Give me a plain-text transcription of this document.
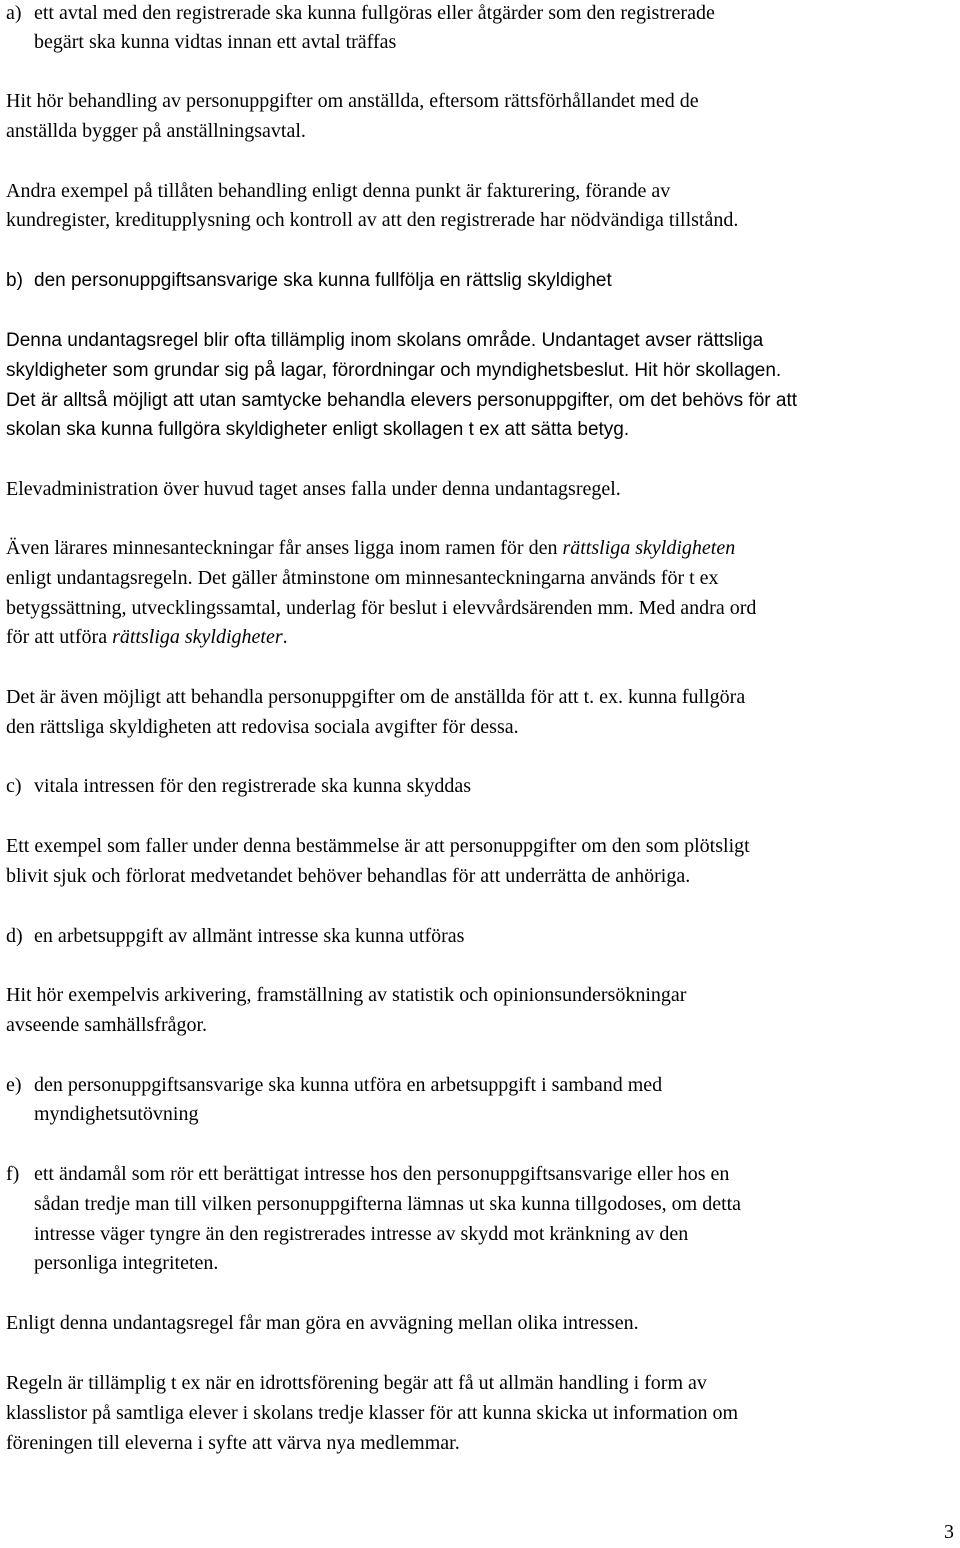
a) ett avtal med den registrerade ska kunna fullgöras eller åtgärder som den registrerade
begärt ska kunna vidtas innan ett avtal träffas
Hit hör behandling av personuppgifter om anställda, eftersom rättsförhållandet med de
anställda bygger på anställningsavtal.
Andra exempel på tillåten behandling enligt denna punkt är fakturering, förande av
kundregister, kreditupplysning och kontroll av att den registrerade har nödvändiga tillstånd.
b) den personuppgiftsansvarige ska kunna fullfölja en rättslig skyldighet
Denna undantagsregel blir ofta tillämplig inom skolans område. Undantaget avser rättsliga
skyldigheter som grundar sig på lagar, förordningar och myndighetsbeslut. Hit hör skollagen.
Det är alltså möjligt att utan samtycke behandla elevers personuppgifter, om det behövs för att
skolan ska kunna fullgöra skyldigheter enligt skollagen t ex att sätta betyg.
Elevadministration över huvud taget anses falla under denna undantagsregel.
Även lärares minnesanteckningar får anses ligga inom ramen för den rättsliga skyldigheten
enligt undantagsregeln. Det gäller åtminstone om minnesanteckningarna används för t ex
betygssättning, utvecklingssamtal, underlag för beslut i elevvårdsärenden mm. Med andra ord
för att utföra rättsliga skyldigheter.
Det är även möjligt att behandla personuppgifter om de anställda för att t. ex. kunna fullgöra
den rättsliga skyldigheten att redovisa sociala avgifter för dessa.
c) vitala intressen för den registrerade ska kunna skyddas
Ett exempel som faller under denna bestämmelse är att personuppgifter om den som plötsligt
blivit sjuk och förlorat medvetandet behöver behandlas för att underrätta de anhöriga.
d) en arbetsuppgift av allmänt intresse ska kunna utföras
Hit hör exempelvis arkivering, framställning av statistik och opinionsundersökningar
avseende samhällsfrågor.
e) den personuppgiftsansvarige ska kunna utföra en arbetsuppgift i samband med
myndighetsutövning
f) ett ändamål som rör ett berättigat intresse hos den personuppgiftsansvarige eller hos en
sådan tredje man till vilken personuppgifterna lämnas ut ska kunna tillgodoses, om detta
intresse väger tyngre än den registrerades intresse av skydd mot kränkning av den
personliga integriteten.
Enligt denna undantagsregel får man göra en avvägning mellan olika intressen.
Regeln är tillämplig t ex när en idrottsförening begär att få ut allmän handling i form av
klasslistor på samtliga elever i skolans tredje klasser för att kunna skicka ut information om
föreningen till eleverna i syfte att värva nya medlemmar.
3
